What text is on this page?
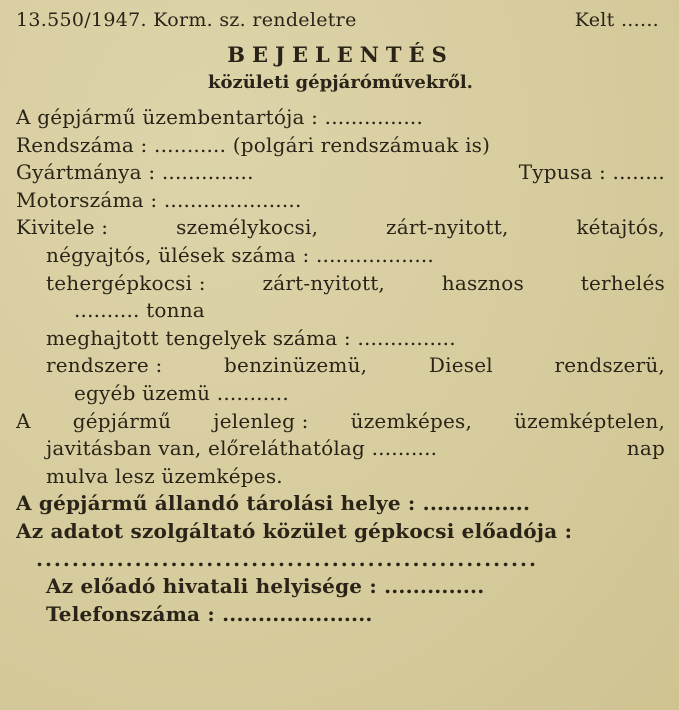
13.550/1947. Korm. sz. rendeletre	Kelt ......
BEJELENTÉS
közületi gépjáróművekről.
A gépjármű üzembentartója : ...............
Rendszáma : ........... (polgári rendszámuak is)
Gyártmánya : ..............	Typusa : ........
Motorszáma : .....................
Kivitele :	személykocsi,	zárt-nyitott,	kétajtós,
négyajtós, ülések száma : ..................
tehergépkocsi :	zárt-nyitott,	hasznos	terhelés
.......... tonna
meghajtott tengelyek száma : ...............
rendszere :	benzinüzemü,	Diesel	rendszerü,
egyéb üzemü ...........
A gépjármű jelenleg : üzemképes, üzemképtelen,
javitásban van, előreláthatólag ..........	nap
mulva lesz üzemképes.
A gépjármű állandó tárolási helye : ...............
Az adatot szolgáltató közület gépkocsi előadója :
........................................................
Az előadó hivatali helyisége : ..............
Telefonszáma : .....................
